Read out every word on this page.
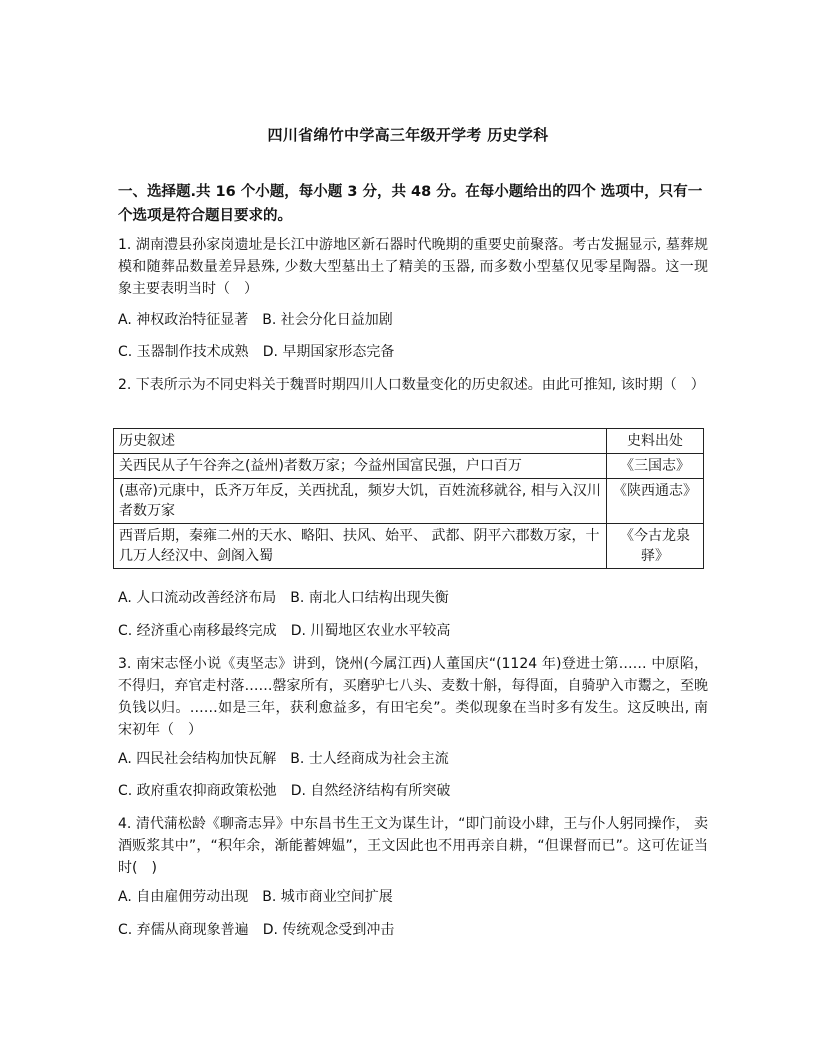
四川省绵竹中学高三年级开学考 历史学科
一、选择题.共 16 个小题，每小题 3 分，共 48 分。在每小题给出的四个 选项中，只有一个选项是符合题目要求的。
1. 湖南澧县孙家岗遗址是长江中游地区新石器时代晚期的重要史前聚落。考古发掘显示, 墓葬规模和随葬品数量差异悬殊, 少数大型墓出土了精美的玉器, 而多数小型墓仅见零星陶器。这一现象主要表明当时（　）
A. 神权政治特征显著 B. 社会分化日益加剧
C. 玉器制作技术成熟 D. 早期国家形态完备
2. 下表所示为不同史料关于魏晋时期四川人口数量变化的历史叙述。由此可推知, 该时期（　）
历史叙述	史料出处
关西民从子午谷奔之(益州)者数万家；今益州国富民强，户口百万	《三国志》
(惠帝)元康中，氐齐万年反，关西扰乱，频岁大饥，百姓流移就谷, 相与入汉川者数万家	《陕西通志》
西晋后期，秦雍二州的天水、略阳、扶风、始平、 武都、阴平六郡数万家，十几万人经汉中、剑阁入蜀	《今古龙泉驿》
A. 人口流动改善经济布局 B. 南北人口结构出现失衡
C. 经济重心南移最终完成 D. 川蜀地区农业水平较高
3. 南宋志怪小说《夷坚志》讲到，饶州(今属江西)人董国庆“(1124 年)登进士第…… 中原陷，不得归，弃官走村落……罄家所有，买磨驴七八头、麦数十斛，每得面，自骑驴入市鬻之，至晚负钱以归。……如是三年，获利愈益多，有田宅矣”。类似现象在当时多有发生。这反映出, 南宋初年（　）
A. 四民社会结构加快瓦解 B. 士人经商成为社会主流
C. 政府重农抑商政策松弛 D. 自然经济结构有所突破
4. 清代蒲松龄《聊斋志异》中东昌书生王文为谋生计，“即门前设小肆，王与仆人躬同操作， 卖酒贩浆其中”，“积年余，渐能蓄婢媪”，王文因此也不用再亲自耕，“但课督而已”。这可佐证当时(　)
A. 自由雇佣劳动出现 B. 城市商业空间扩展
C. 弃儒从商现象普遍 D. 传统观念受到冲击
